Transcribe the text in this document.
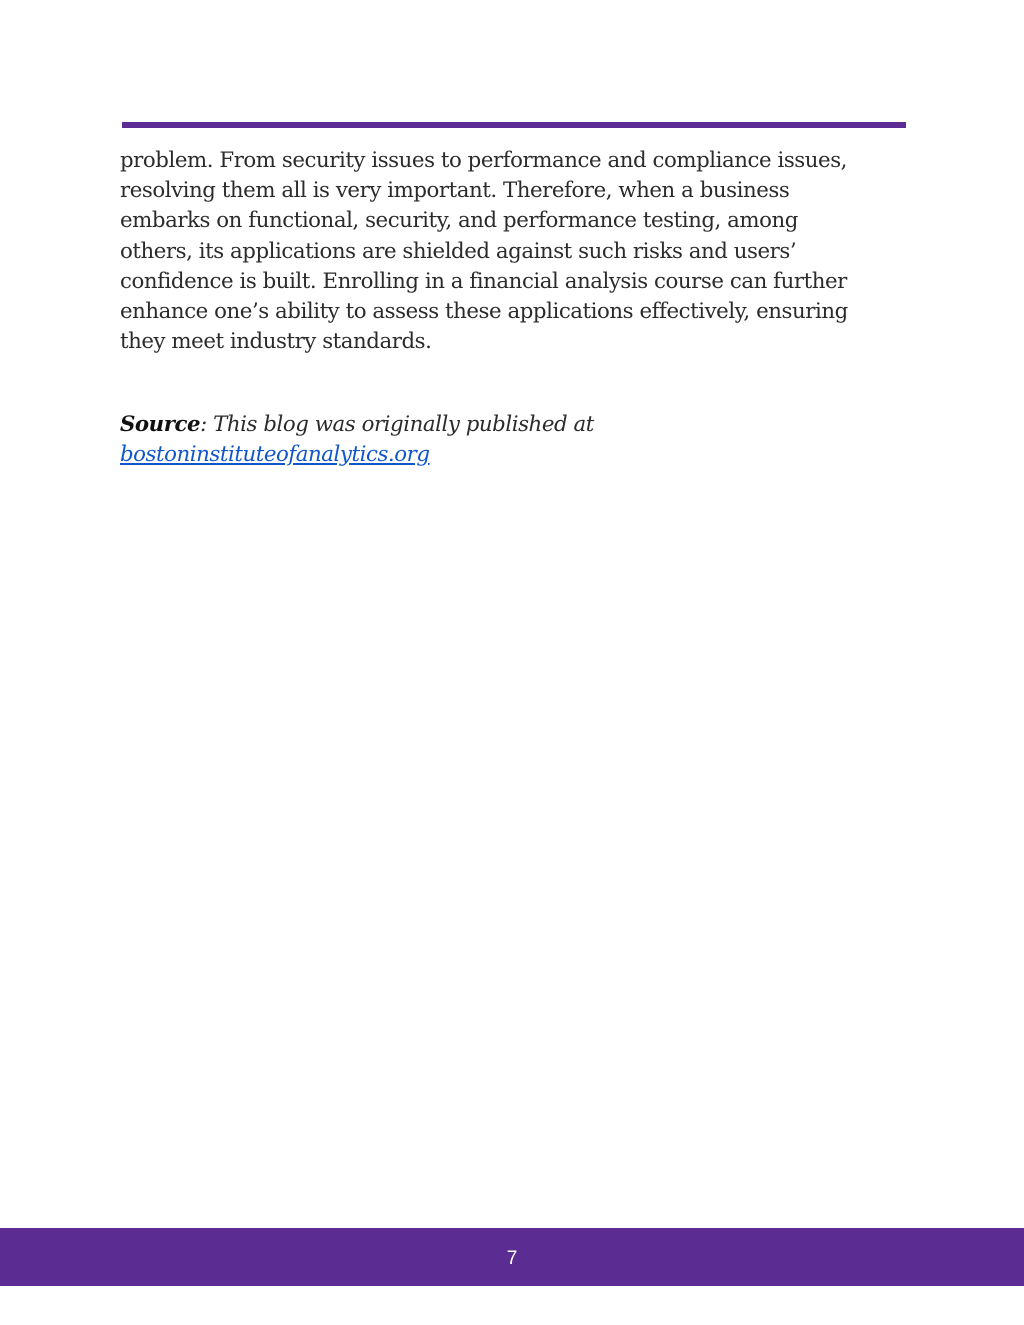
problem. From security issues to performance and compliance issues,
resolving them all is very important. Therefore, when a business
embarks on functional, security, and performance testing, among
others, its applications are shielded against such risks and users’
confidence is built. Enrolling in a financial analysis course can further
enhance one’s ability to assess these applications effectively, ensuring
they meet industry standards.

Source: This blog was originally published at
bostoninstituteofanalytics.org

7
